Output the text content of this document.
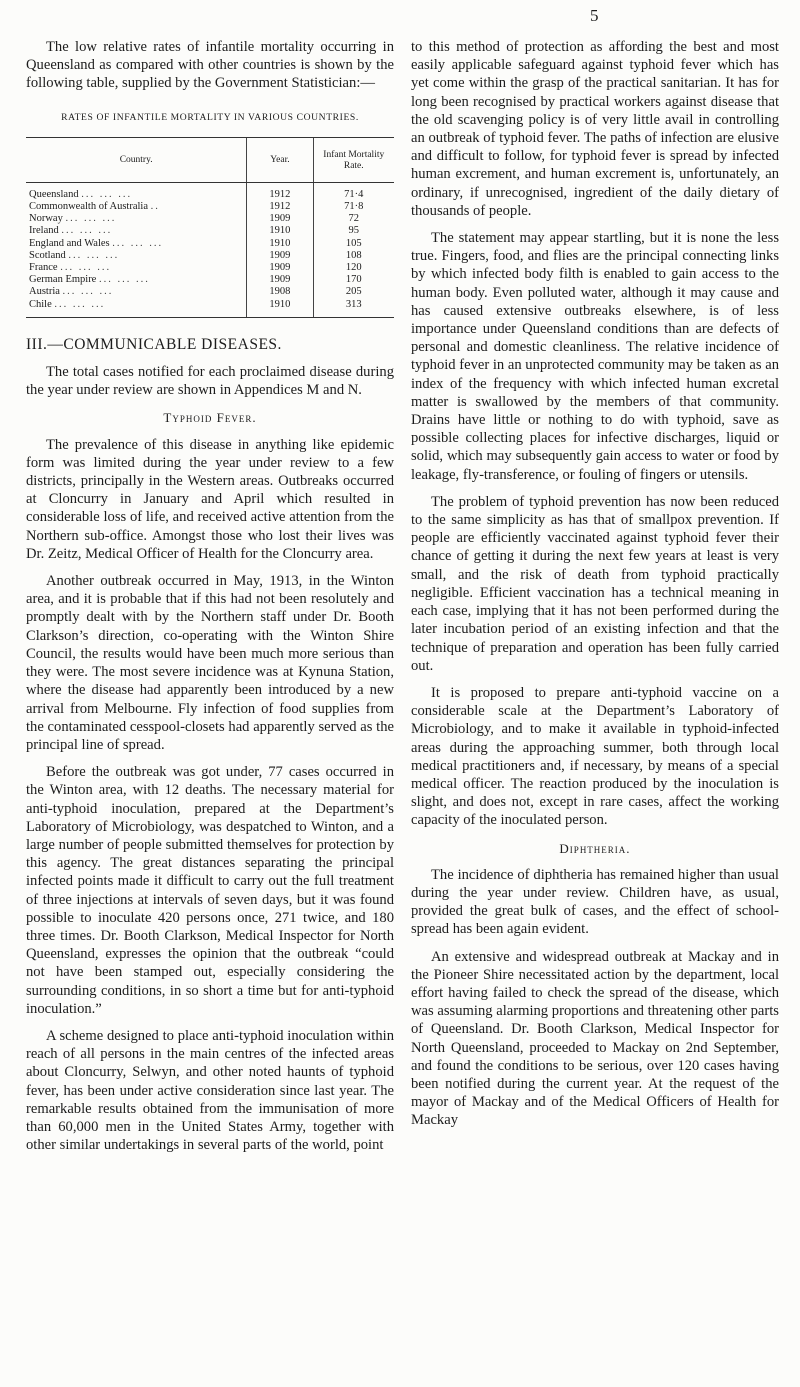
5

The low relative rates of infantile mortality occurring in Queensland as compared with other countries is shown by the following table, supplied by the Government Statistician:—

RATES OF INFANTILE MORTALITY IN VARIOUS COUNTRIES.
Country.	Year.	Infant Mortality Rate.
Queensland ... ... ...	1912	71·4
Commonwealth of Australia ..	1912	71·8
Norway ... ... ...	1909	72
Ireland ... ... ...	1910	95
England and Wales ... ... ...	1910	105
Scotland ... ... ...	1909	108
France ... ... ...	1909	120
German Empire ... ... ...	1909	170
Austria ... ... ...	1908	205
Chile ... ... ...	1910	313
III.—COMMUNICABLE DISEASES.

The total cases notified for each proclaimed disease during the year under review are shown in Appendices M and N.

Typhoid Fever.

The prevalence of this disease in anything like epidemic form was limited during the year under review to a few districts, principally in the Western areas. Outbreaks occurred at Cloncurry in January and April which resulted in considerable loss of life, and received active attention from the Northern sub-office. Amongst those who lost their lives was Dr. Zeitz, Medical Officer of Health for the Cloncurry area.

Another outbreak occurred in May, 1913, in the Winton area, and it is probable that if this had not been resolutely and promptly dealt with by the Northern staff under Dr. Booth Clarkson’s direction, co-operating with the Winton Shire Council, the results would have been much more serious than they were. The most severe incidence was at Kynuna Station, where the disease had apparently been introduced by a new arrival from Melbourne. Fly infection of food supplies from the contaminated cesspool-closets had apparently served as the principal line of spread.

Before the outbreak was got under, 77 cases occurred in the Winton area, with 12 deaths. The necessary material for anti-typhoid inoculation, prepared at the Department’s Laboratory of Microbiology, was despatched to Winton, and a large number of people submitted themselves for protection by this agency. The great distances separating the principal infected points made it difficult to carry out the full treatment of three injections at intervals of seven days, but it was found possible to inoculate 420 persons once, 271 twice, and 180 three times. Dr. Booth Clarkson, Medical Inspector for North Queensland, expresses the opinion that the outbreak “could not have been stamped out, especially considering the surrounding conditions, in so short a time but for anti-typhoid inoculation.”

A scheme designed to place anti-typhoid inoculation within reach of all persons in the main centres of the infected areas about Cloncurry, Selwyn, and other noted haunts of typhoid fever, has been under active consideration since last year. The remarkable results obtained from the immunisation of more than 60,000 men in the United States Army, together with other similar undertakings in several parts of the world, point

to this method of protection as affording the best and most easily applicable safeguard against typhoid fever which has yet come within the grasp of the practical sanitarian. It has for long been recognised by practical workers against disease that the old scavenging policy is of very little avail in controlling an outbreak of typhoid fever. The paths of infection are elusive and difficult to follow, for typhoid fever is spread by infected human excrement, and human excrement is, unfortunately, an ordinary, if unrecognised, ingredient of the daily dietary of thousands of people.

The statement may appear startling, but it is none the less true. Fingers, food, and flies are the principal connecting links by which infected body filth is enabled to gain access to the human body. Even polluted water, although it may cause and has caused extensive outbreaks elsewhere, is of less importance under Queensland conditions than are defects of personal and domestic cleanliness. The relative incidence of typhoid fever in an unprotected community may be taken as an index of the frequency with which infected human excretal matter is swallowed by the members of that community. Drains have little or nothing to do with typhoid, save as possible collecting places for infective discharges, liquid or solid, which may subsequently gain access to water or food by leakage, fly-transference, or fouling of fingers or utensils.

The problem of typhoid prevention has now been reduced to the same simplicity as has that of smallpox prevention. If people are efficiently vaccinated against typhoid fever their chance of getting it during the next few years at least is very small, and the risk of death from typhoid practically negligible. Efficient vaccination has a technical meaning in each case, implying that it has not been performed during the later incubation period of an existing infection and that the technique of preparation and operation has been fully carried out.

It is proposed to prepare anti-typhoid vaccine on a considerable scale at the Department’s Laboratory of Microbiology, and to make it available in typhoid-infected areas during the approaching summer, both through local medical practitioners and, if necessary, by means of a special medical officer. The reaction produced by the inoculation is slight, and does not, except in rare cases, affect the working capacity of the inoculated person.

Diphtheria.

The incidence of diphtheria has remained higher than usual during the year under review. Children have, as usual, provided the great bulk of cases, and the effect of school-spread has been again evident.

An extensive and widespread outbreak at Mackay and in the Pioneer Shire necessitated action by the department, local effort having failed to check the spread of the disease, which was assuming alarming proportions and threatening other parts of Queensland. Dr. Booth Clarkson, Medical Inspector for North Queensland, proceeded to Mackay on 2nd September, and found the conditions to be serious, over 120 cases having been notified during the current year. At the request of the mayor of Mackay and of the Medical Officers of Health for Mackay
